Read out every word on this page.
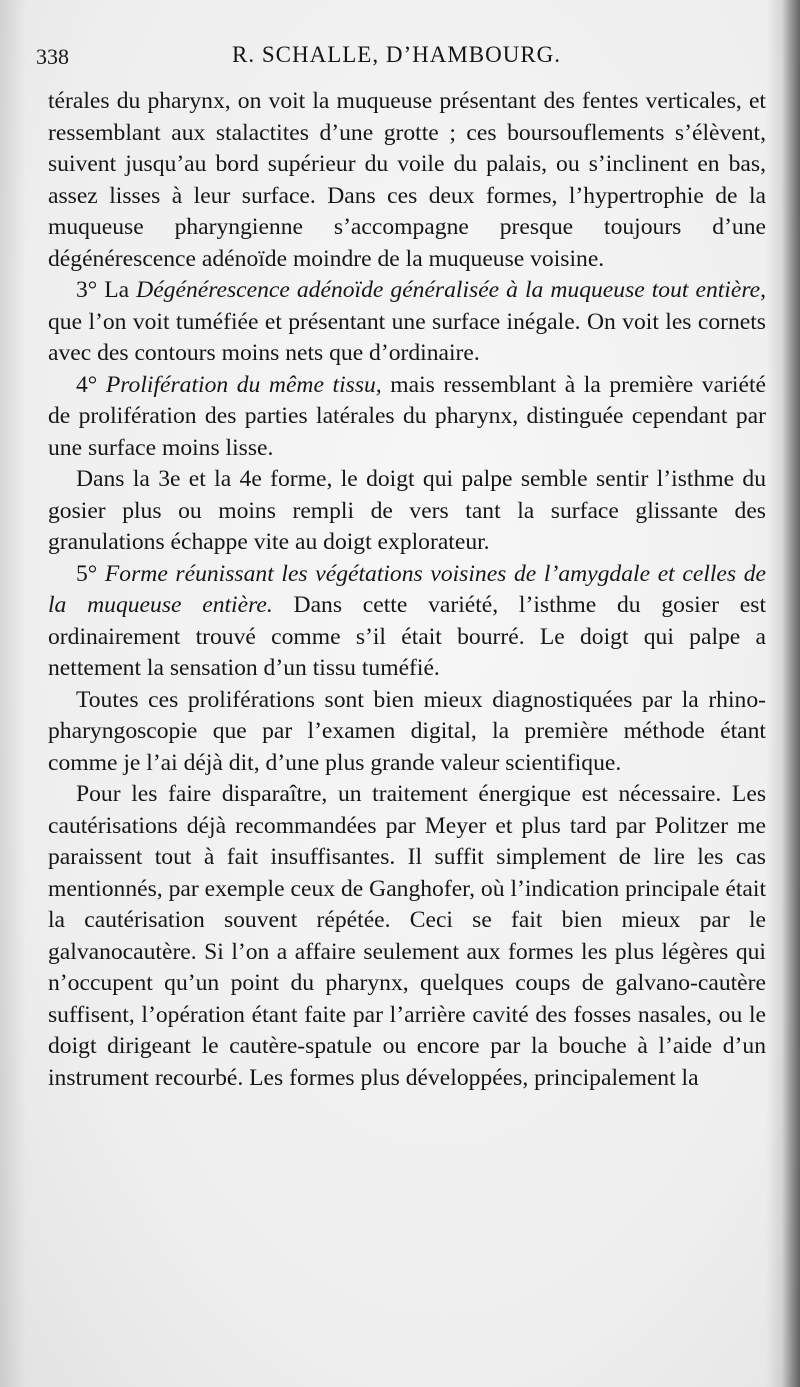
338	R. SCHALLE, D’HAMBOURG.

térales du pharynx, on voit la muqueuse présentant des fentes verticales, et ressemblant aux stalactites d’une grotte ; ces boursouflements s’élèvent, suivent jusqu’au bord supérieur du voile du palais, ou s’inclinent en bas, assez lisses à leur surface. Dans ces deux formes, l’hypertrophie de la muqueuse pharyngienne s’accompagne presque toujours d’une dégénérescence adénoïde moindre de la muqueuse voisine.

3° La Dégénérescence adénoïde généralisée à la muqueuse tout entière, que l’on voit tuméfiée et présentant une surface inégale. On voit les cornets avec des contours moins nets que d’ordinaire.

4° Prolifération du même tissu, mais ressemblant à la première variété de prolifération des parties latérales du pharynx, distinguée cependant par une surface moins lisse.

Dans la 3e et la 4e forme, le doigt qui palpe semble sentir l’isthme du gosier plus ou moins rempli de vers tant la surface glissante des granulations échappe vite au doigt explorateur.

5° Forme réunissant les végétations voisines de l’amygdale et celles de la muqueuse entière. Dans cette variété, l’isthme du gosier est ordinairement trouvé comme s’il était bourré. Le doigt qui palpe a nettement la sensation d’un tissu tuméfié.

Toutes ces proliférations sont bien mieux diagnostiquées par la rhino-pharyngoscopie que par l’examen digital, la première méthode étant comme je l’ai déjà dit, d’une plus grande valeur scientifique.

Pour les faire disparaître, un traitement énergique est nécessaire. Les cautérisations déjà recommandées par Meyer et plus tard par Politzer me paraissent tout à fait insuffisantes. Il suffit simplement de lire les cas mentionnés, par exemple ceux de Ganghofer, où l’indication principale était la cautérisation souvent répétée. Ceci se fait bien mieux par le galvanocautère. Si l’on a affaire seulement aux formes les plus légères qui n’occupent qu’un point du pharynx, quelques coups de galvano-cautère suffisent, l’opération étant faite par l’arrière cavité des fosses nasales, ou le doigt dirigeant le cautère-spatule ou encore par la bouche à l’aide d’un instrument recourbé. Les formes plus développées, principalement la
